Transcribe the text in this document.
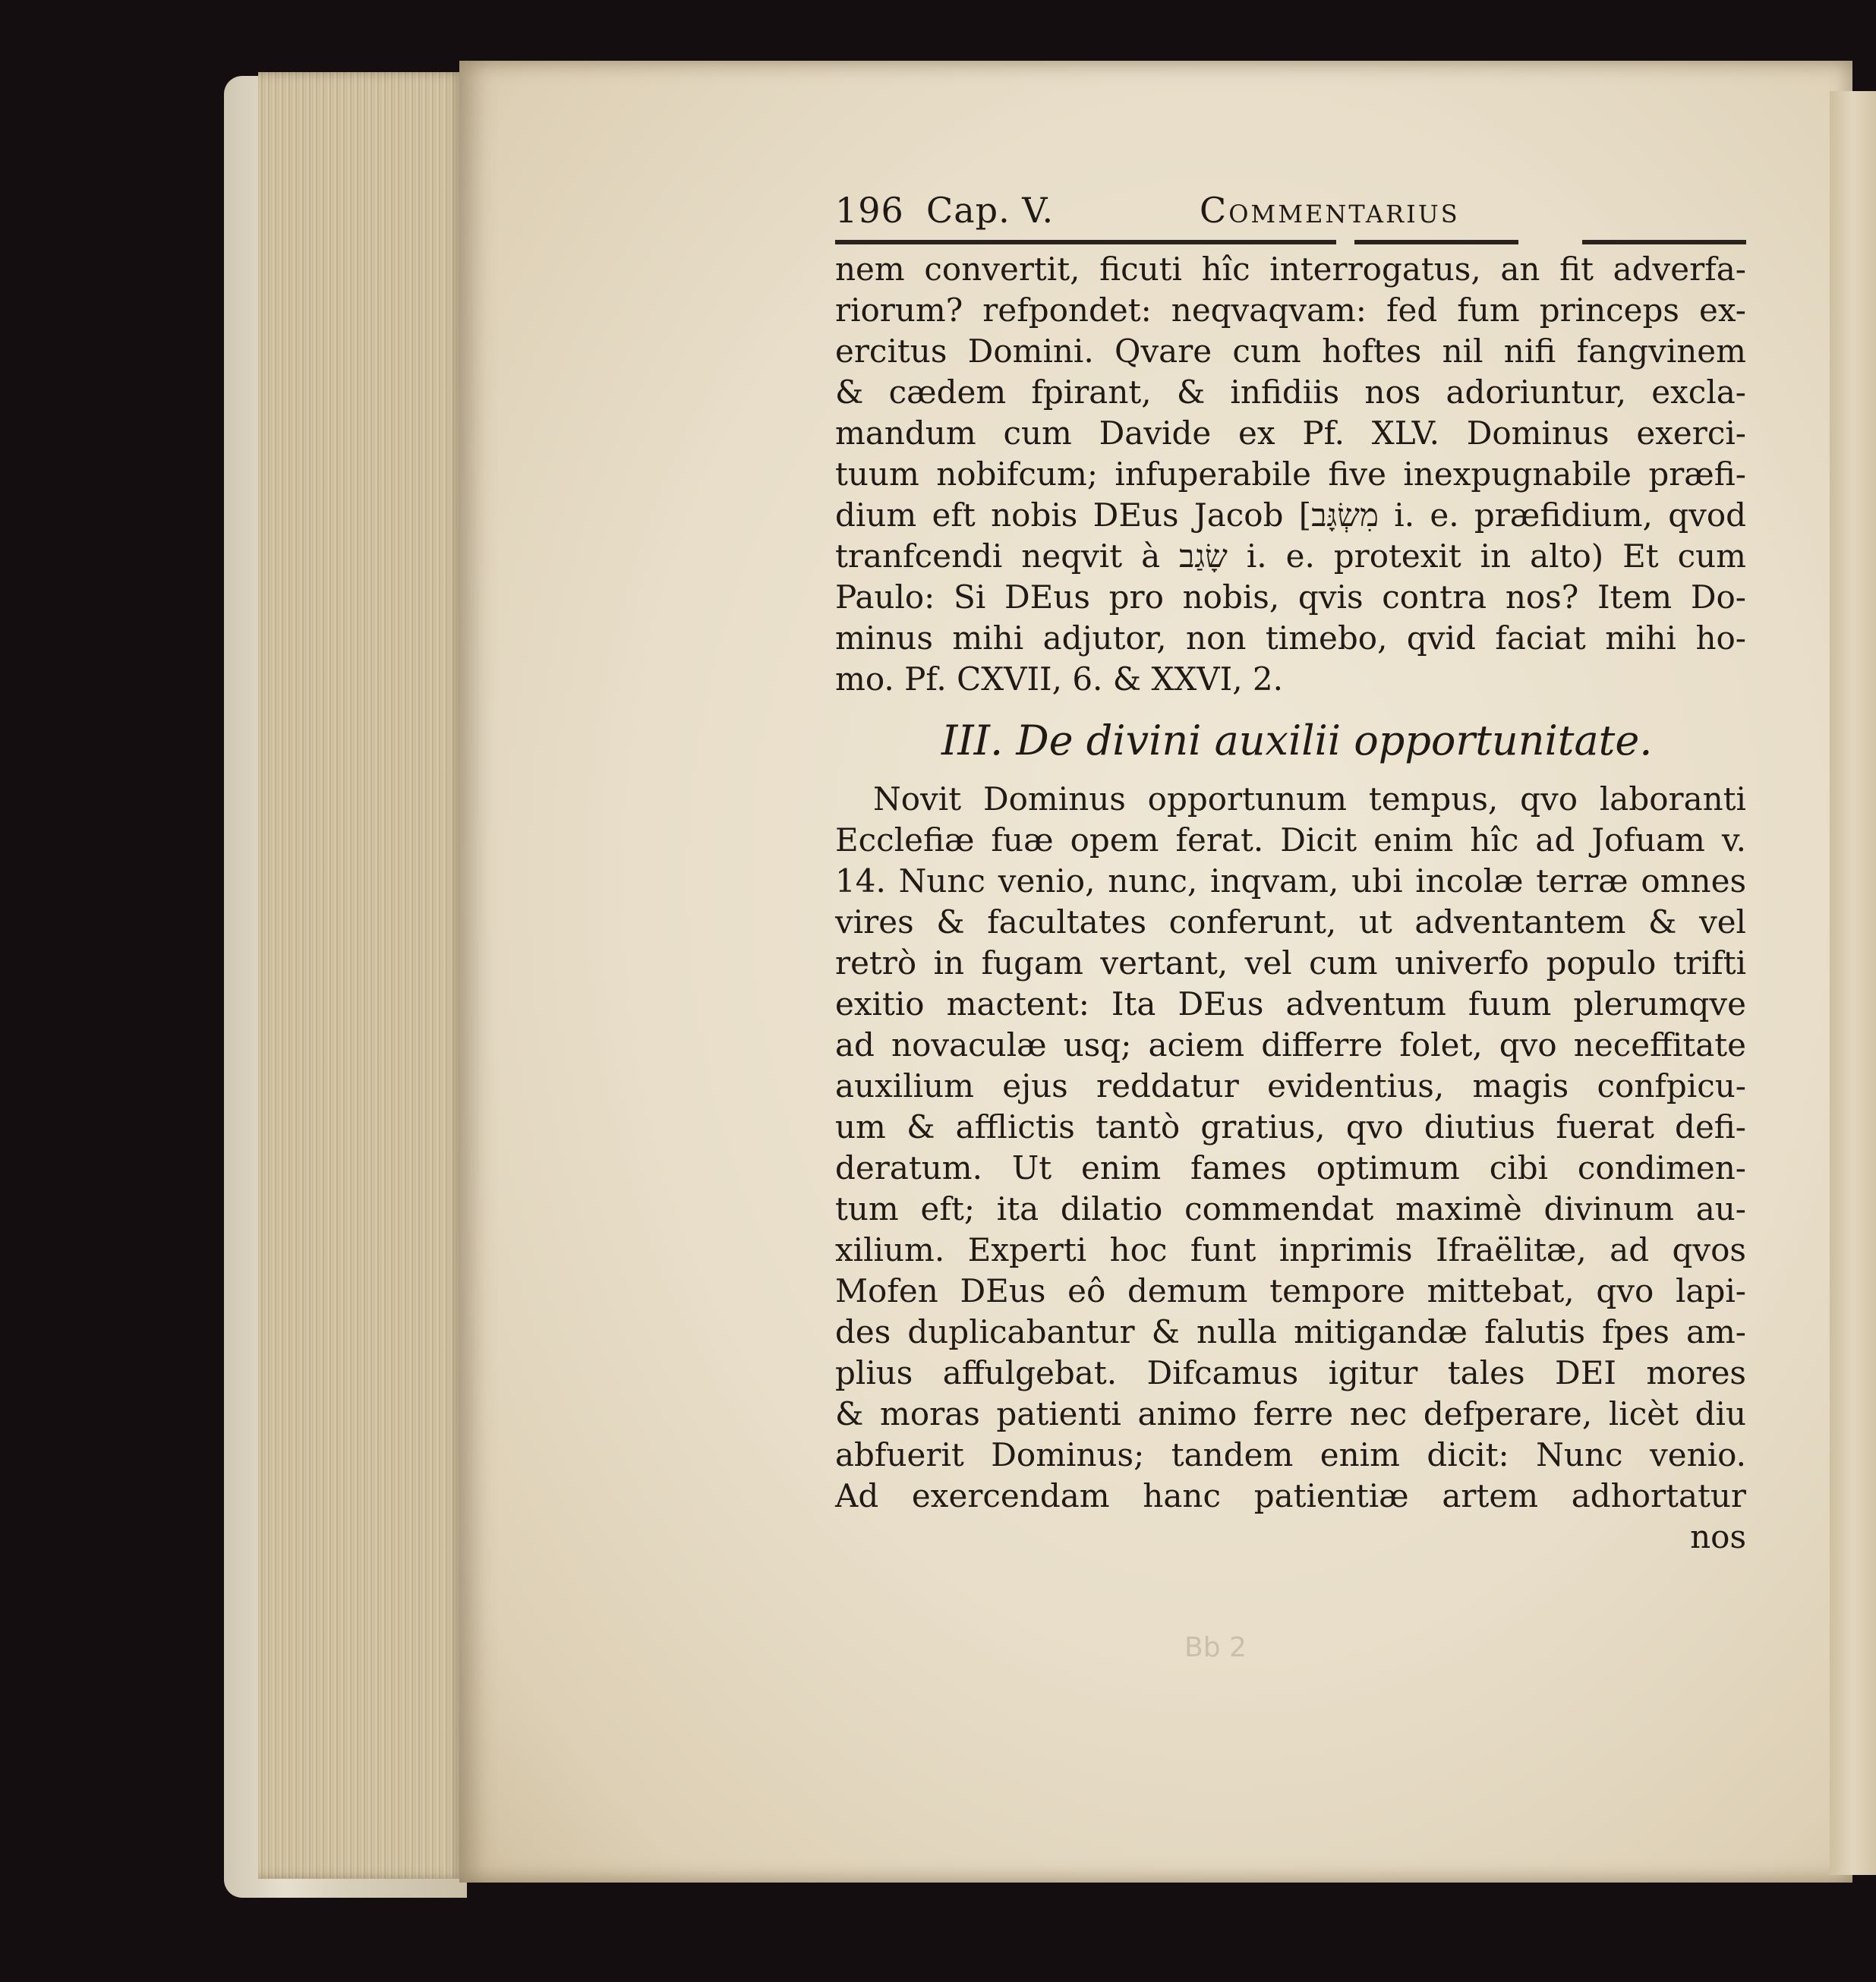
196 Cap. V.	Commentarius
nem convertit, ficuti hîc interrogatus, an fit adverfa-
riorum? refpondet: neqvaqvam: fed fum princeps ex-
ercitus Domini. Qvare cum hoftes nil nifi fangvinem
& cædem fpirant, & infidiis nos adoriuntur, excla-
mandum cum Davide ex Pf. XLV. Dominus exerci-
tuum nobifcum; infuperabile five inexpugnabile præfi-
dium eft nobis DEus Jacob [מִשְׂגָּב i. e. præfidium, qvod
tranfcendi neqvit à שָׂגַב i. e. protexit in alto) Et cum
Paulo: Si DEus pro nobis, qvis contra nos? Item Do-
minus mihi adjutor, non timebo, qvid faciat mihi ho-
mo. Pf. CXVII, 6. & XXVI, 2.
III. De divini auxilii opportunitate.
Novit Dominus opportunum tempus, qvo laboranti
Ecclefiæ fuæ opem ferat. Dicit enim hîc ad Jofuam v.
14. Nunc venio, nunc, inqvam, ubi incolæ terræ omnes
vires & facultates conferunt, ut adventantem & vel
retrò in fugam vertant, vel cum univerfo populo trifti
exitio mactent: Ita DEus adventum fuum plerumqve
ad novaculæ usq; aciem differre folet, qvo neceffitate
auxilium ejus reddatur evidentius, magis confpicu-
um & afflictis tantò gratius, qvo diutius fuerat defi-
deratum. Ut enim fames optimum cibi condimen-
tum eft; ita dilatio commendat maximè divinum au-
xilium. Experti hoc funt inprimis Ifraëlitæ, ad qvos
Mofen DEus eô demum tempore mittebat, qvo lapi-
des duplicabantur & nulla mitigandæ falutis fpes am-
plius affulgebat. Difcamus igitur tales DEI mores
& moras patienti animo ferre nec defperare, licèt diu
abfuerit Dominus; tandem enim dicit: Nunc venio.
Ad exercendam hanc patientiæ artem adhortatur
nos
Bb 2
